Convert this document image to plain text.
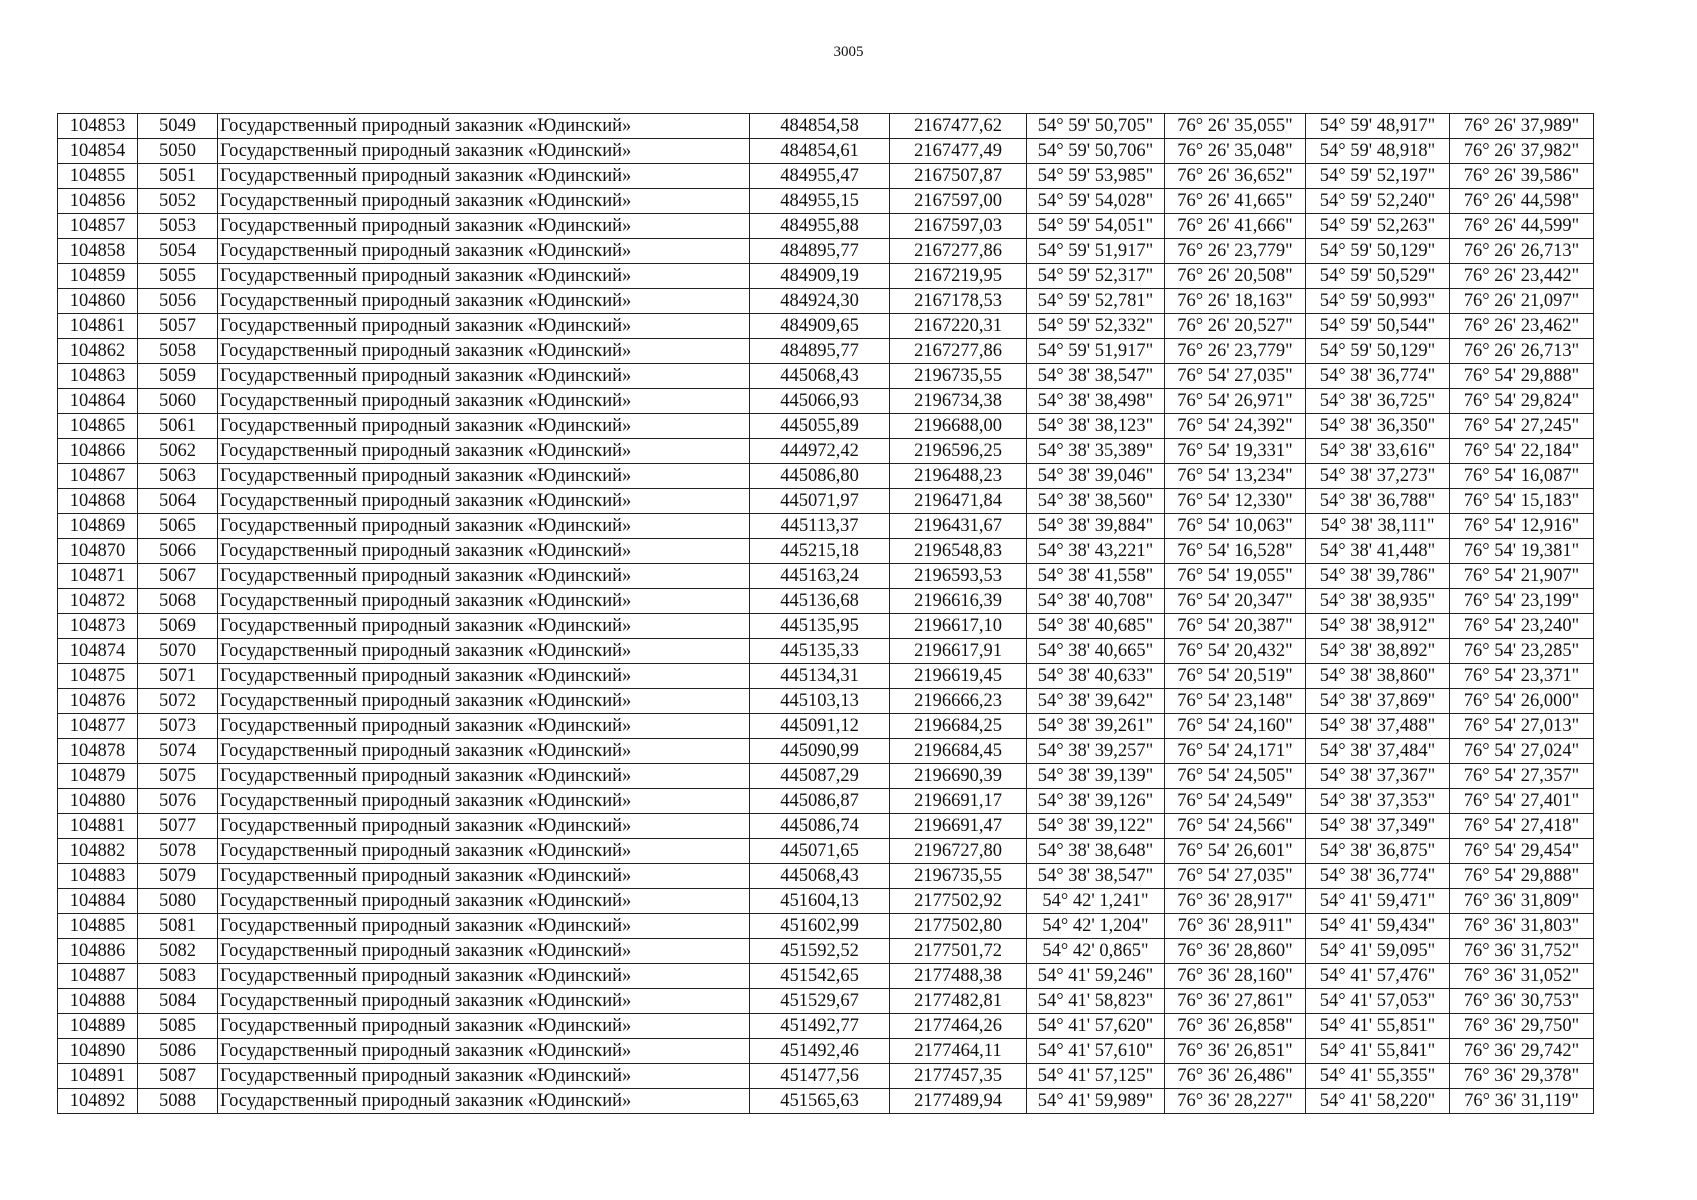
3005
104853	5049	Государственный природный заказник «Юдинский»	484854,58	2167477,62	54° 59' 50,705"	76° 26' 35,055"	54° 59' 48,917"	76° 26' 37,989"
104854	5050	Государственный природный заказник «Юдинский»	484854,61	2167477,49	54° 59' 50,706"	76° 26' 35,048"	54° 59' 48,918"	76° 26' 37,982"
104855	5051	Государственный природный заказник «Юдинский»	484955,47	2167507,87	54° 59' 53,985"	76° 26' 36,652"	54° 59' 52,197"	76° 26' 39,586"
104856	5052	Государственный природный заказник «Юдинский»	484955,15	2167597,00	54° 59' 54,028"	76° 26' 41,665"	54° 59' 52,240"	76° 26' 44,598"
104857	5053	Государственный природный заказник «Юдинский»	484955,88	2167597,03	54° 59' 54,051"	76° 26' 41,666"	54° 59' 52,263"	76° 26' 44,599"
104858	5054	Государственный природный заказник «Юдинский»	484895,77	2167277,86	54° 59' 51,917"	76° 26' 23,779"	54° 59' 50,129"	76° 26' 26,713"
104859	5055	Государственный природный заказник «Юдинский»	484909,19	2167219,95	54° 59' 52,317"	76° 26' 20,508"	54° 59' 50,529"	76° 26' 23,442"
104860	5056	Государственный природный заказник «Юдинский»	484924,30	2167178,53	54° 59' 52,781"	76° 26' 18,163"	54° 59' 50,993"	76° 26' 21,097"
104861	5057	Государственный природный заказник «Юдинский»	484909,65	2167220,31	54° 59' 52,332"	76° 26' 20,527"	54° 59' 50,544"	76° 26' 23,462"
104862	5058	Государственный природный заказник «Юдинский»	484895,77	2167277,86	54° 59' 51,917"	76° 26' 23,779"	54° 59' 50,129"	76° 26' 26,713"
104863	5059	Государственный природный заказник «Юдинский»	445068,43	2196735,55	54° 38' 38,547"	76° 54' 27,035"	54° 38' 36,774"	76° 54' 29,888"
104864	5060	Государственный природный заказник «Юдинский»	445066,93	2196734,38	54° 38' 38,498"	76° 54' 26,971"	54° 38' 36,725"	76° 54' 29,824"
104865	5061	Государственный природный заказник «Юдинский»	445055,89	2196688,00	54° 38' 38,123"	76° 54' 24,392"	54° 38' 36,350"	76° 54' 27,245"
104866	5062	Государственный природный заказник «Юдинский»	444972,42	2196596,25	54° 38' 35,389"	76° 54' 19,331"	54° 38' 33,616"	76° 54' 22,184"
104867	5063	Государственный природный заказник «Юдинский»	445086,80	2196488,23	54° 38' 39,046"	76° 54' 13,234"	54° 38' 37,273"	76° 54' 16,087"
104868	5064	Государственный природный заказник «Юдинский»	445071,97	2196471,84	54° 38' 38,560"	76° 54' 12,330"	54° 38' 36,788"	76° 54' 15,183"
104869	5065	Государственный природный заказник «Юдинский»	445113,37	2196431,67	54° 38' 39,884"	76° 54' 10,063"	54° 38' 38,111"	76° 54' 12,916"
104870	5066	Государственный природный заказник «Юдинский»	445215,18	2196548,83	54° 38' 43,221"	76° 54' 16,528"	54° 38' 41,448"	76° 54' 19,381"
104871	5067	Государственный природный заказник «Юдинский»	445163,24	2196593,53	54° 38' 41,558"	76° 54' 19,055"	54° 38' 39,786"	76° 54' 21,907"
104872	5068	Государственный природный заказник «Юдинский»	445136,68	2196616,39	54° 38' 40,708"	76° 54' 20,347"	54° 38' 38,935"	76° 54' 23,199"
104873	5069	Государственный природный заказник «Юдинский»	445135,95	2196617,10	54° 38' 40,685"	76° 54' 20,387"	54° 38' 38,912"	76° 54' 23,240"
104874	5070	Государственный природный заказник «Юдинский»	445135,33	2196617,91	54° 38' 40,665"	76° 54' 20,432"	54° 38' 38,892"	76° 54' 23,285"
104875	5071	Государственный природный заказник «Юдинский»	445134,31	2196619,45	54° 38' 40,633"	76° 54' 20,519"	54° 38' 38,860"	76° 54' 23,371"
104876	5072	Государственный природный заказник «Юдинский»	445103,13	2196666,23	54° 38' 39,642"	76° 54' 23,148"	54° 38' 37,869"	76° 54' 26,000"
104877	5073	Государственный природный заказник «Юдинский»	445091,12	2196684,25	54° 38' 39,261"	76° 54' 24,160"	54° 38' 37,488"	76° 54' 27,013"
104878	5074	Государственный природный заказник «Юдинский»	445090,99	2196684,45	54° 38' 39,257"	76° 54' 24,171"	54° 38' 37,484"	76° 54' 27,024"
104879	5075	Государственный природный заказник «Юдинский»	445087,29	2196690,39	54° 38' 39,139"	76° 54' 24,505"	54° 38' 37,367"	76° 54' 27,357"
104880	5076	Государственный природный заказник «Юдинский»	445086,87	2196691,17	54° 38' 39,126"	76° 54' 24,549"	54° 38' 37,353"	76° 54' 27,401"
104881	5077	Государственный природный заказник «Юдинский»	445086,74	2196691,47	54° 38' 39,122"	76° 54' 24,566"	54° 38' 37,349"	76° 54' 27,418"
104882	5078	Государственный природный заказник «Юдинский»	445071,65	2196727,80	54° 38' 38,648"	76° 54' 26,601"	54° 38' 36,875"	76° 54' 29,454"
104883	5079	Государственный природный заказник «Юдинский»	445068,43	2196735,55	54° 38' 38,547"	76° 54' 27,035"	54° 38' 36,774"	76° 54' 29,888"
104884	5080	Государственный природный заказник «Юдинский»	451604,13	2177502,92	54° 42' 1,241"	76° 36' 28,917"	54° 41' 59,471"	76° 36' 31,809"
104885	5081	Государственный природный заказник «Юдинский»	451602,99	2177502,80	54° 42' 1,204"	76° 36' 28,911"	54° 41' 59,434"	76° 36' 31,803"
104886	5082	Государственный природный заказник «Юдинский»	451592,52	2177501,72	54° 42' 0,865"	76° 36' 28,860"	54° 41' 59,095"	76° 36' 31,752"
104887	5083	Государственный природный заказник «Юдинский»	451542,65	2177488,38	54° 41' 59,246"	76° 36' 28,160"	54° 41' 57,476"	76° 36' 31,052"
104888	5084	Государственный природный заказник «Юдинский»	451529,67	2177482,81	54° 41' 58,823"	76° 36' 27,861"	54° 41' 57,053"	76° 36' 30,753"
104889	5085	Государственный природный заказник «Юдинский»	451492,77	2177464,26	54° 41' 57,620"	76° 36' 26,858"	54° 41' 55,851"	76° 36' 29,750"
104890	5086	Государственный природный заказник «Юдинский»	451492,46	2177464,11	54° 41' 57,610"	76° 36' 26,851"	54° 41' 55,841"	76° 36' 29,742"
104891	5087	Государственный природный заказник «Юдинский»	451477,56	2177457,35	54° 41' 57,125"	76° 36' 26,486"	54° 41' 55,355"	76° 36' 29,378"
104892	5088	Государственный природный заказник «Юдинский»	451565,63	2177489,94	54° 41' 59,989"	76° 36' 28,227"	54° 41' 58,220"	76° 36' 31,119"
